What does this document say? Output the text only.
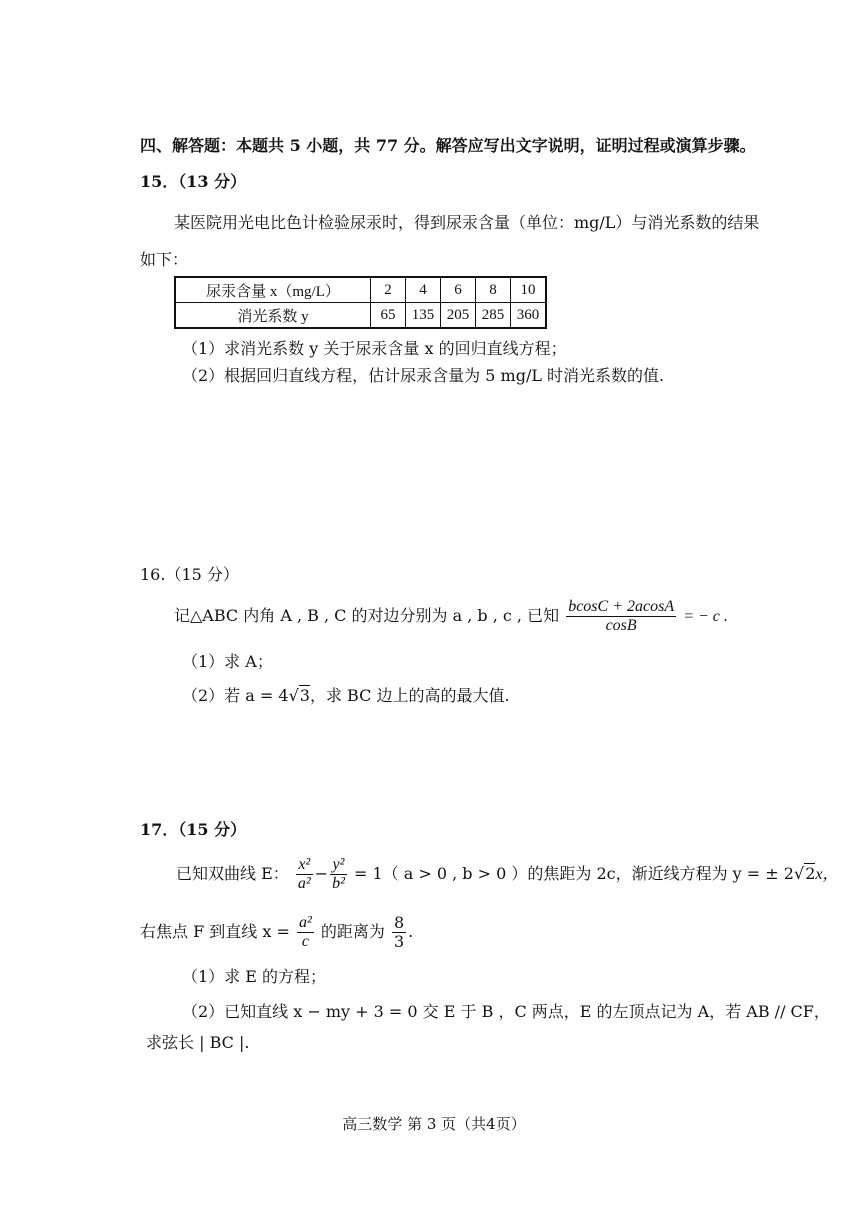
四、解答题：本题共 5 小题，共 77 分。解答应写出文字说明，证明过程或演算步骤。
15．（13 分）
某医院用光电比色计检验尿汞时，得到尿汞含量（单位：mg/L）与消光系数的结果
如下：
尿汞含量 x（mg/L）	2	4	6	8	10
消光系数 y	65	135	205	285	360
（1）求消光系数 y 关于尿汞含量 x 的回归直线方程；
（2）根据回归直线方程，估计尿汞含量为 5 mg/L 时消光系数的值.
16.（15 分）
记△ABC 内角 A , B , C 的对边分别为 a , b , c , 已知 $\frac{bcosC + 2acosA}{\cos B}$ = − c .
（1）求 A；
（2）若 a = 4√3，求 BC 边上的高的最大值.
17．（15 分）
已知双曲线 E： $\frac{\text{x²}}{\text{a²}} - \frac{\text{y²}}{\text{b²}} = 1$（ a > 0 , b > 0 ）的焦距为 2c，渐近线方程为 y = ± 2√2x，
右焦点 F 到直线 $x = \frac{\text{a²}}{c}$ 的距离为 $\frac{8}{3}$ .
（1）求 E 的方程；
（2）已知直线 x − my + 3 = 0 交 E 于 B ，C 两点，E 的左顶点记为 A，若 AB // CF，
求弦长 | BC |.
高三数学 第 3 页（共4页）
